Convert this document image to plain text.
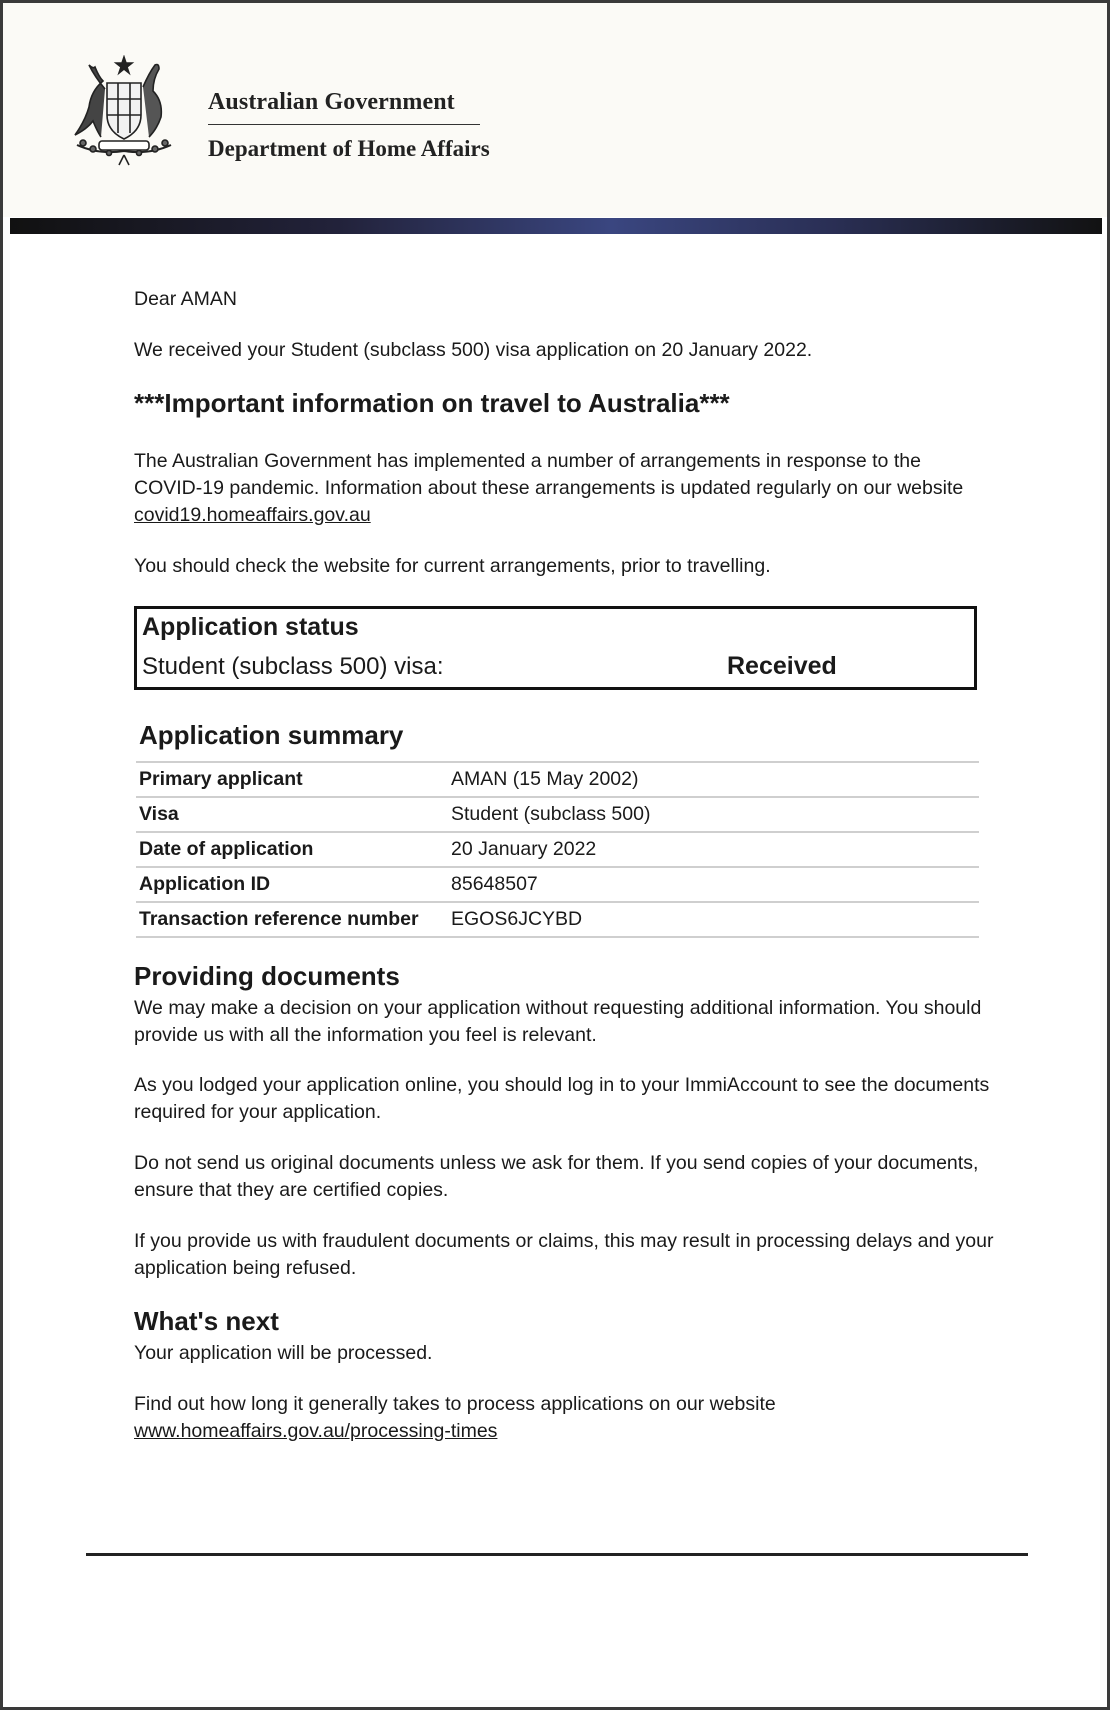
Australian Government
Department of Home Affairs

Dear AMAN

We received your Student (subclass 500) visa application on 20 January 2022.

***Important information on travel to Australia***

The Australian Government has implemented a number of arrangements in response to the COVID-19 pandemic. Information about these arrangements is updated regularly on our website covid19.homeaffairs.gov.au

You should check the website for current arrangements, prior to travelling.

Application status
Student (subclass 500) visa:	Received
Application summary
Primary applicant	AMAN (15 May 2002)
Visa	Student (subclass 500)
Date of application	20 January 2022
Application ID	85648507
Transaction reference number	EGOS6JCYBD
Providing documents

We may make a decision on your application without requesting additional information. You should provide us with all the information you feel is relevant.

As you lodged your application online, you should log in to your ImmiAccount to see the documents required for your application.

Do not send us original documents unless we ask for them. If you send copies of your documents, ensure that they are certified copies.

If you provide us with fraudulent documents or claims, this may result in processing delays and your application being refused.

What's next

Your application will be processed.

Find out how long it generally takes to process applications on our website
www.homeaffairs.gov.au/processing-times
